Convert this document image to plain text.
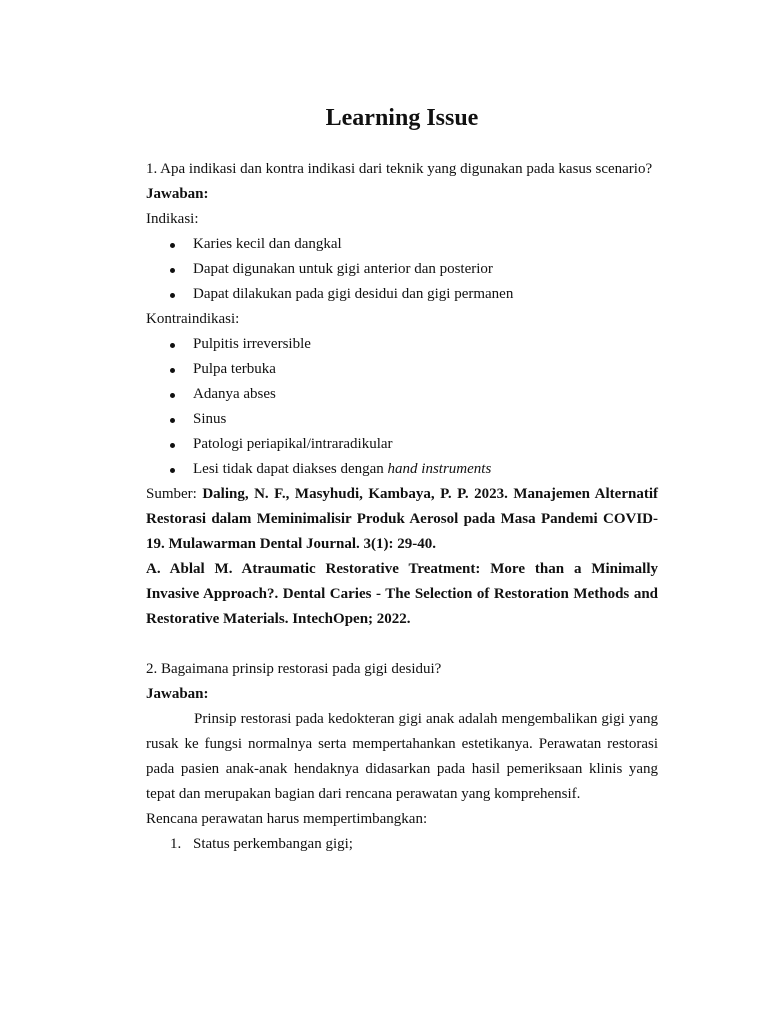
Learning Issue

1. Apa indikasi dan kontra indikasi dari teknik yang digunakan pada kasus scenario?

Jawaban:

Indikasi:

Karies kecil dan dangkal
Dapat digunakan untuk gigi anterior dan posterior
Dapat dilakukan pada gigi desidui dan gigi permanen

Kontraindikasi:

Pulpitis irreversible
Pulpa terbuka
Adanya abses
Sinus
Patologi periapikal/intraradikular
Lesi tidak dapat diakses dengan hand instruments

Sumber: Daling, N. F., Masyhudi, Kambaya, P. P. 2023. Manajemen Alternatif Restorasi dalam Meminimalisir Produk Aerosol pada Masa Pandemi COVID-19. Mulawarman Dental Journal. 3(1): 29-40.

A. Ablal M. Atraumatic Restorative Treatment: More than a Minimally Invasive Approach?. Dental Caries - The Selection of Restoration Methods and Restorative Materials. IntechOpen; 2022.

2. Bagaimana prinsip restorasi pada gigi desidui?

Jawaban:

Prinsip restorasi pada kedokteran gigi anak adalah mengembalikan gigi yang rusak ke fungsi normalnya serta mempertahankan estetikanya. Perawatan restorasi pada pasien anak-anak hendaknya didasarkan pada hasil pemeriksaan klinis yang tepat dan merupakan bagian dari rencana perawatan yang komprehensif.

Rencana perawatan harus mempertimbangkan:

1. Status perkembangan gigi;
